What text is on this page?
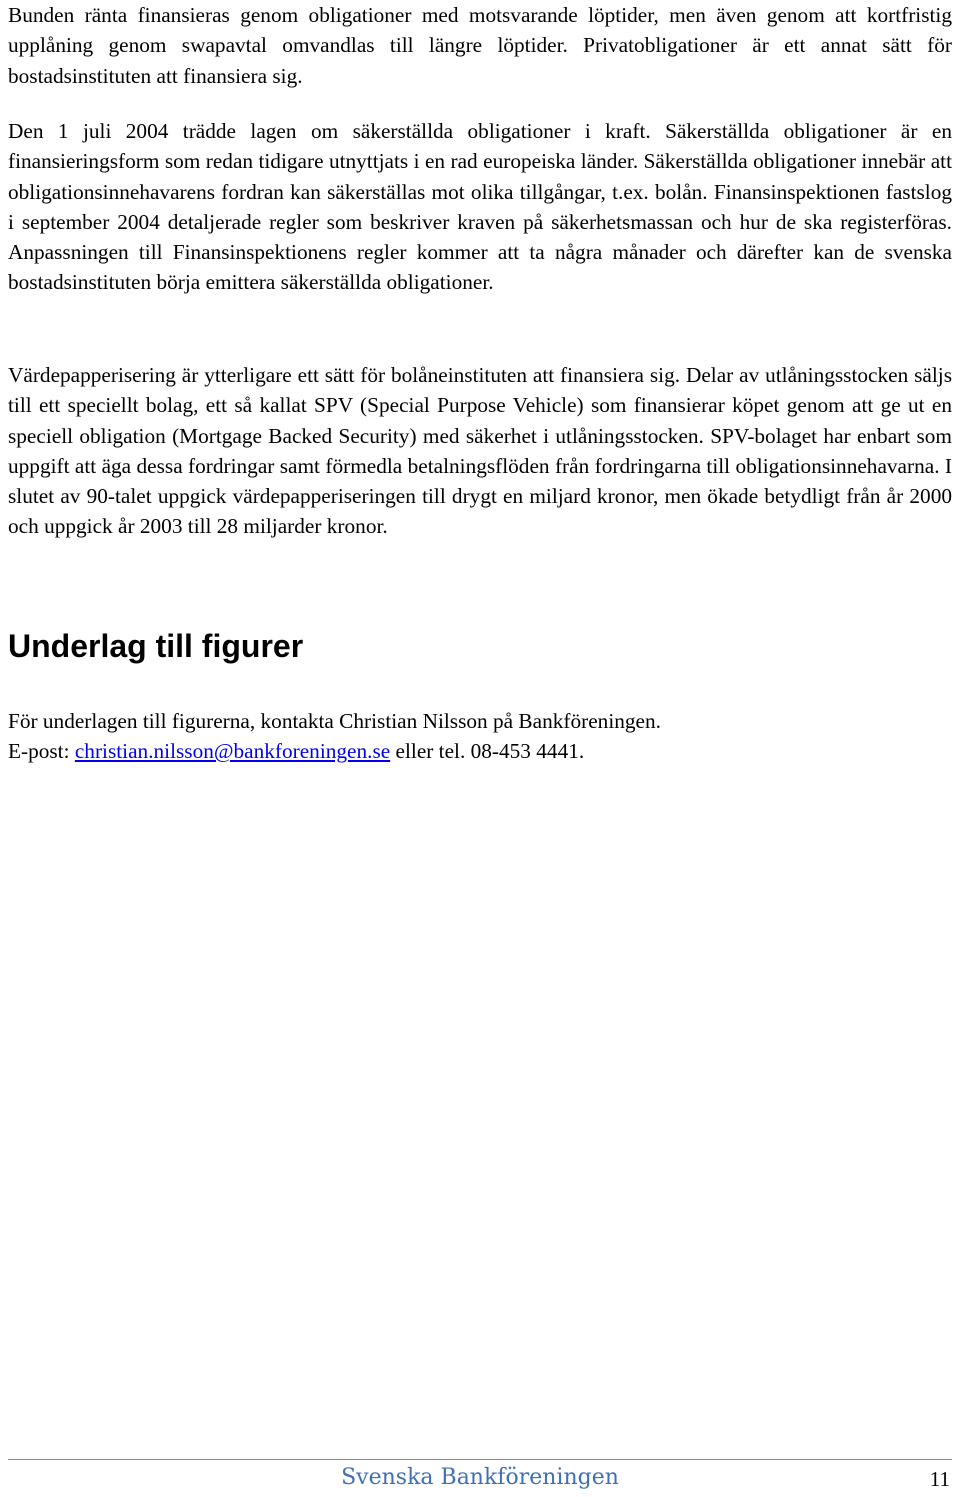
Bunden ränta finansieras genom obligationer med motsvarande löptider, men även genom att kortfristig upplåning genom swapavtal omvandlas till längre löptider. Privatobligationer är ett annat sätt för bostadsinstituten att finansiera sig.

Den 1 juli 2004 trädde lagen om säkerställda obligationer i kraft. Säkerställda obligationer är en finansieringsform som redan tidigare utnyttjats i en rad europeiska länder. Säkerställda obligationer innebär att obligationsinnehavarens fordran kan säkerställas mot olika tillgångar, t.ex. bolån. Finansinspektionen fastslog i september 2004 detaljerade regler som beskriver kraven på säkerhetsmassan och hur de ska registerföras. Anpassningen till Finansinspektionens regler kommer att ta några månader och därefter kan de svenska bostadsinstituten börja emittera säkerställda obligationer.

Värdepapperisering är ytterligare ett sätt för bolåneinstituten att finansiera sig. Delar av utlåningsstocken säljs till ett speciellt bolag, ett så kallat SPV (Special Purpose Vehicle) som finansierar köpet genom att ge ut en speciell obligation (Mortgage Backed Security) med säkerhet i utlåningsstocken. SPV-bolaget har enbart som uppgift att äga dessa fordringar samt förmedla betalningsflöden från fordringarna till obligationsinnehavarna. I slutet av 90-talet uppgick värdepapperiseringen till drygt en miljard kronor, men ökade betydligt från år 2000 och uppgick år 2003 till 28 miljarder kronor.

Underlag till figurer

För underlagen till figurerna, kontakta Christian Nilsson på Bankföreningen.
E-post: christian.nilsson@bankforeningen.se eller tel. 08-453 4441.

Svenska Bankföreningen	11
